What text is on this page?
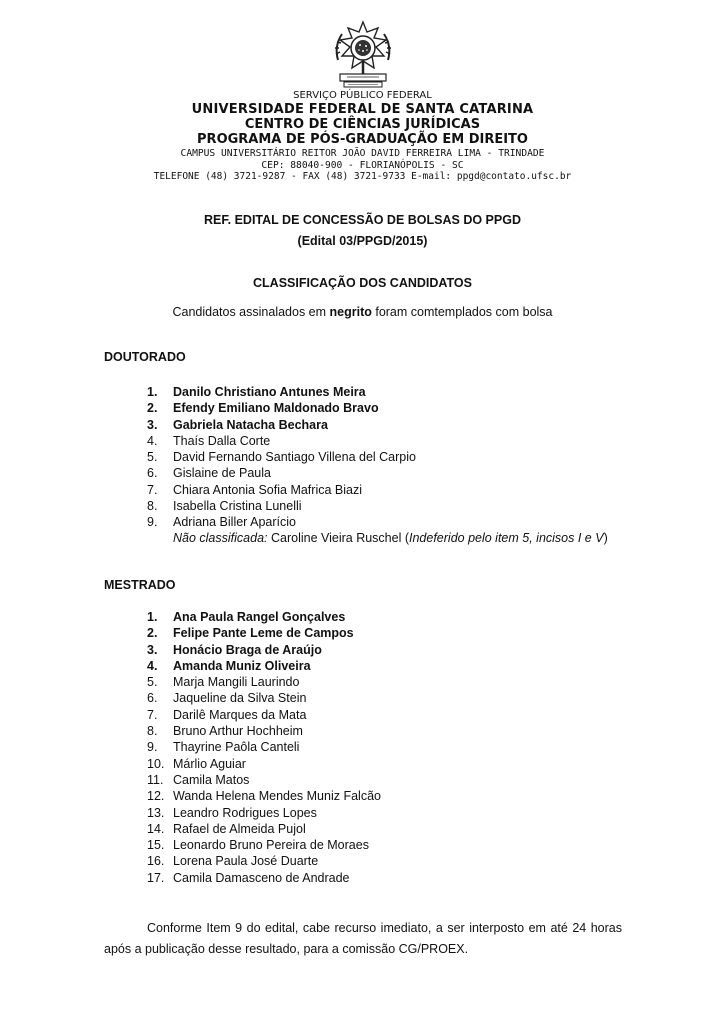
SERVIÇO PÚBLICO FEDERAL
UNIVERSIDADE FEDERAL DE SANTA CATARINA
CENTRO DE CIÊNCIAS JURÍDICAS
PROGRAMA DE PÓS-GRADUAÇÃO EM DIREITO
CAMPUS UNIVERSITÁRIO REITOR JOÃO DAVID FERREIRA LIMA - TRINDADE
CEP: 88040-900 - FLORIANÓPOLIS - SC
TELEFONE (48) 3721-9287 - FAX (48) 3721-9733 E-mail: ppgd@contato.ufsc.br
REF. EDITAL DE CONCESSÃO DE BOLSAS DO PPGD
(Edital 03/PPGD/2015)
CLASSIFICAÇÃO DOS CANDIDATOS
Candidatos assinalados em negrito foram comtemplados com bolsa
DOUTORADO
1. Danilo Christiano Antunes Meira
2. Efendy Emiliano Maldonado Bravo
3. Gabriela Natacha Bechara
4. Thaís Dalla Corte
5. David Fernando Santiago Villena del Carpio
6. Gislaine de Paula
7. Chiara Antonia Sofia Mafrica Biazi
8. Isabella Cristina Lunelli
9. Adriana Biller Aparício
Não classificada: Caroline Vieira Ruschel (Indeferido pelo item 5, incisos I e V)
MESTRADO
1. Ana Paula Rangel Gonçalves
2. Felipe Pante Leme de Campos
3. Honácio Braga de Araújo
4. Amanda Muniz Oliveira
5. Marja Mangili Laurindo
6. Jaqueline da Silva Stein
7. Darilê Marques da Mata
8. Bruno Arthur Hochheim
9. Thayrine Paôla Canteli
10. Márlio Aguiar
11. Camila Matos
12. Wanda Helena Mendes Muniz Falcão
13. Leandro Rodrigues Lopes
14. Rafael de Almeida Pujol
15. Leonardo Bruno Pereira de Moraes
16. Lorena Paula José Duarte
17. Camila Damasceno de Andrade
Conforme Item 9 do edital, cabe recurso imediato, a ser interposto em até 24 horas após a publicação desse resultado, para a comissão CG/PROEX.
